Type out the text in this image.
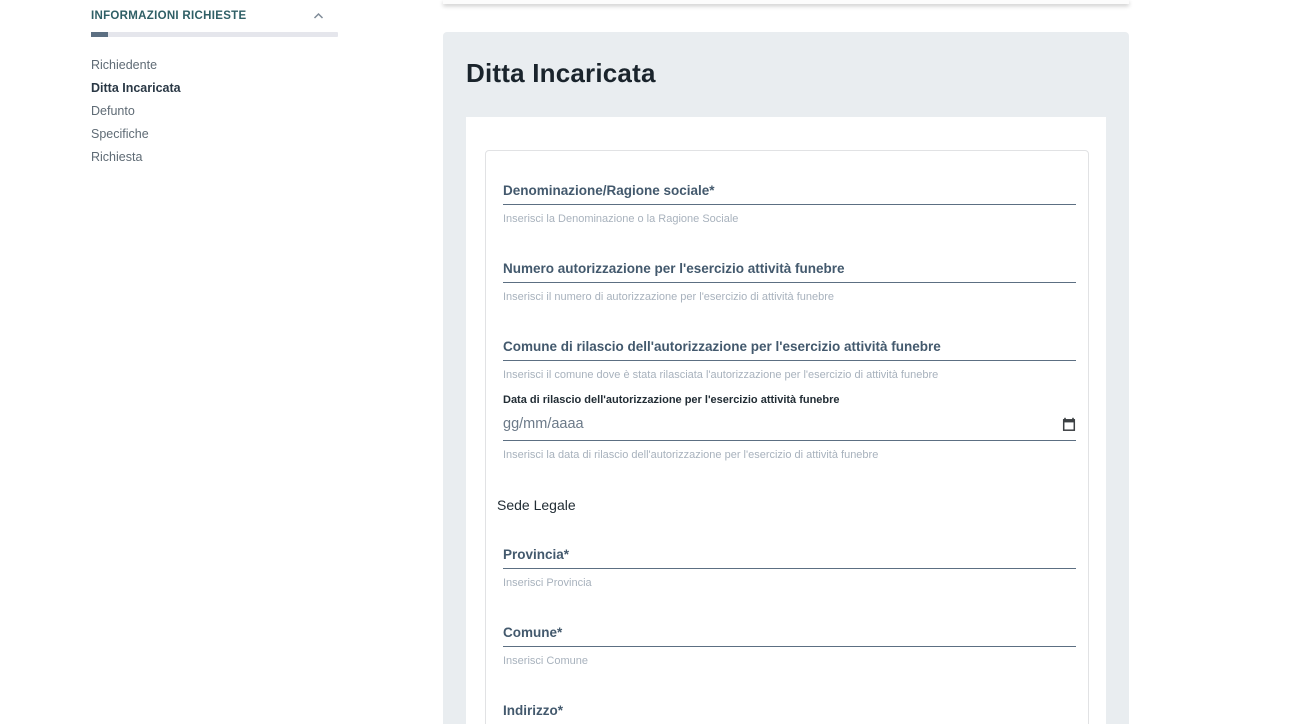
INFORMAZIONI RICHIESTE
Richiedente
Ditta Incaricata
Defunto
Specifiche
Richiesta
Ditta Incaricata
Denominazione/Ragione sociale*
Inserisci la Denominazione o la Ragione Sociale
Numero autorizzazione per l'esercizio attività funebre
Inserisci il numero di autorizzazione per l'esercizio di attività funebre
Comune di rilascio dell'autorizzazione per l'esercizio attività funebre
Inserisci il comune dove è stata rilasciata l'autorizzazione per l'esercizio di attività funebre
Data di rilascio dell'autorizzazione per l'esercizio attività funebre
gg/mm/aaaa
Inserisci la data di rilascio dell'autorizzazione per l'esercizio di attività funebre
Sede Legale
Provincia*
Inserisci Provincia
Comune*
Inserisci Comune
Indirizzo*
